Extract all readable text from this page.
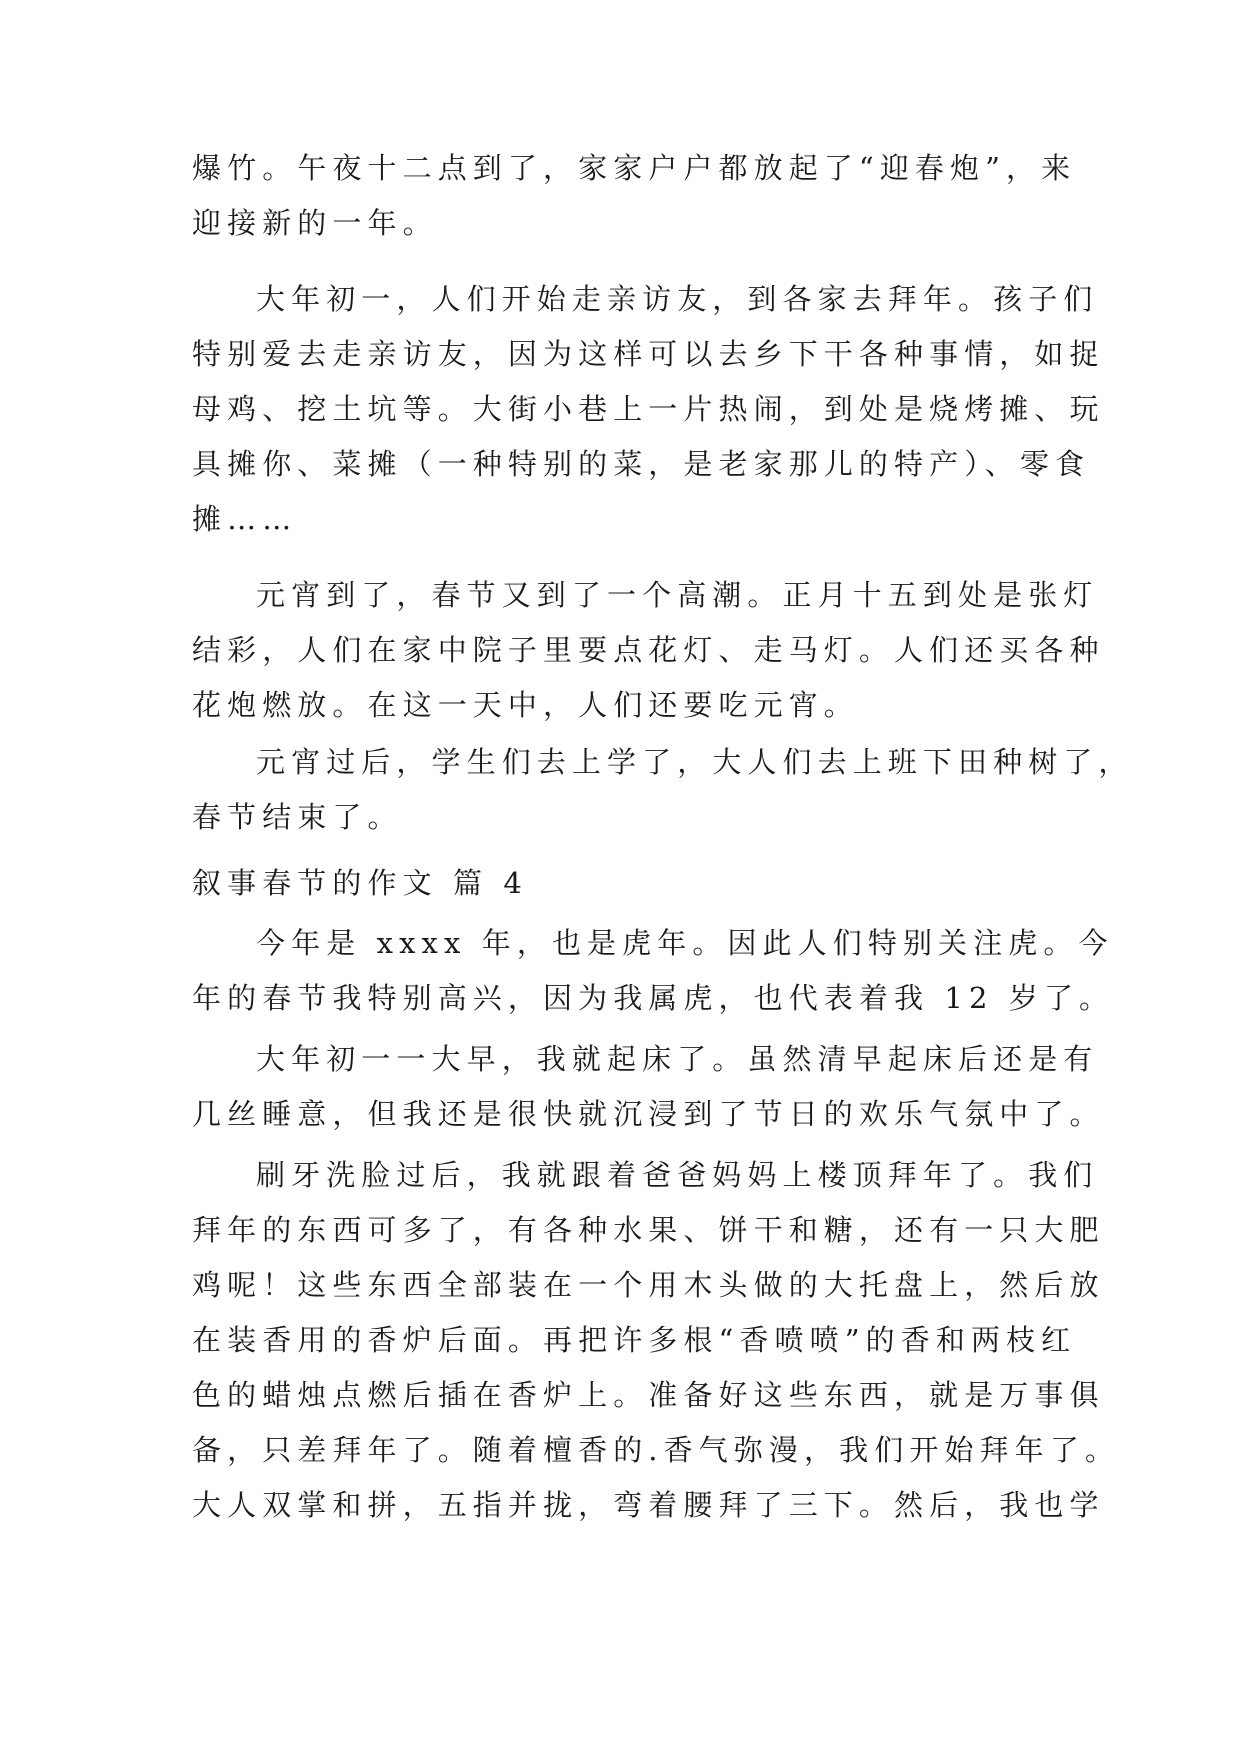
爆竹。午夜十二点到了，家家户户都放起了“迎春炮”，来
迎接新的一年。
大年初一，人们开始走亲访友，到各家去拜年。孩子们
特别爱去走亲访友，因为这样可以去乡下干各种事情，如捉
母鸡、挖土坑等。大街小巷上一片热闹，到处是烧烤摊、玩
具摊你、菜摊（一种特别的菜，是老家那儿的特产）、零食
摊……
元宵到了，春节又到了一个高潮。正月十五到处是张灯
结彩，人们在家中院子里要点花灯、走马灯。人们还买各种
花炮燃放。在这一天中，人们还要吃元宵。
元宵过后，学生们去上学了，大人们去上班下田种树了，
春节结束了。
叙事春节的作文 篇 4
今年是 xxxx 年，也是虎年。因此人们特别关注虎。今
年的春节我特别高兴，因为我属虎，也代表着我 12 岁了。
大年初一一大早，我就起床了。虽然清早起床后还是有
几丝睡意，但我还是很快就沉浸到了节日的欢乐气氛中了。
刷牙洗脸过后，我就跟着爸爸妈妈上楼顶拜年了。我们
拜年的东西可多了，有各种水果、饼干和糖，还有一只大肥
鸡呢！这些东西全部装在一个用木头做的大托盘上，然后放
在装香用的香炉后面。再把许多根“香喷喷”的香和两枝红
色的蜡烛点燃后插在香炉上。准备好这些东西，就是万事俱
备，只差拜年了。随着檀香的.香气弥漫，我们开始拜年了。
大人双掌和拼，五指并拢，弯着腰拜了三下。然后，我也学
